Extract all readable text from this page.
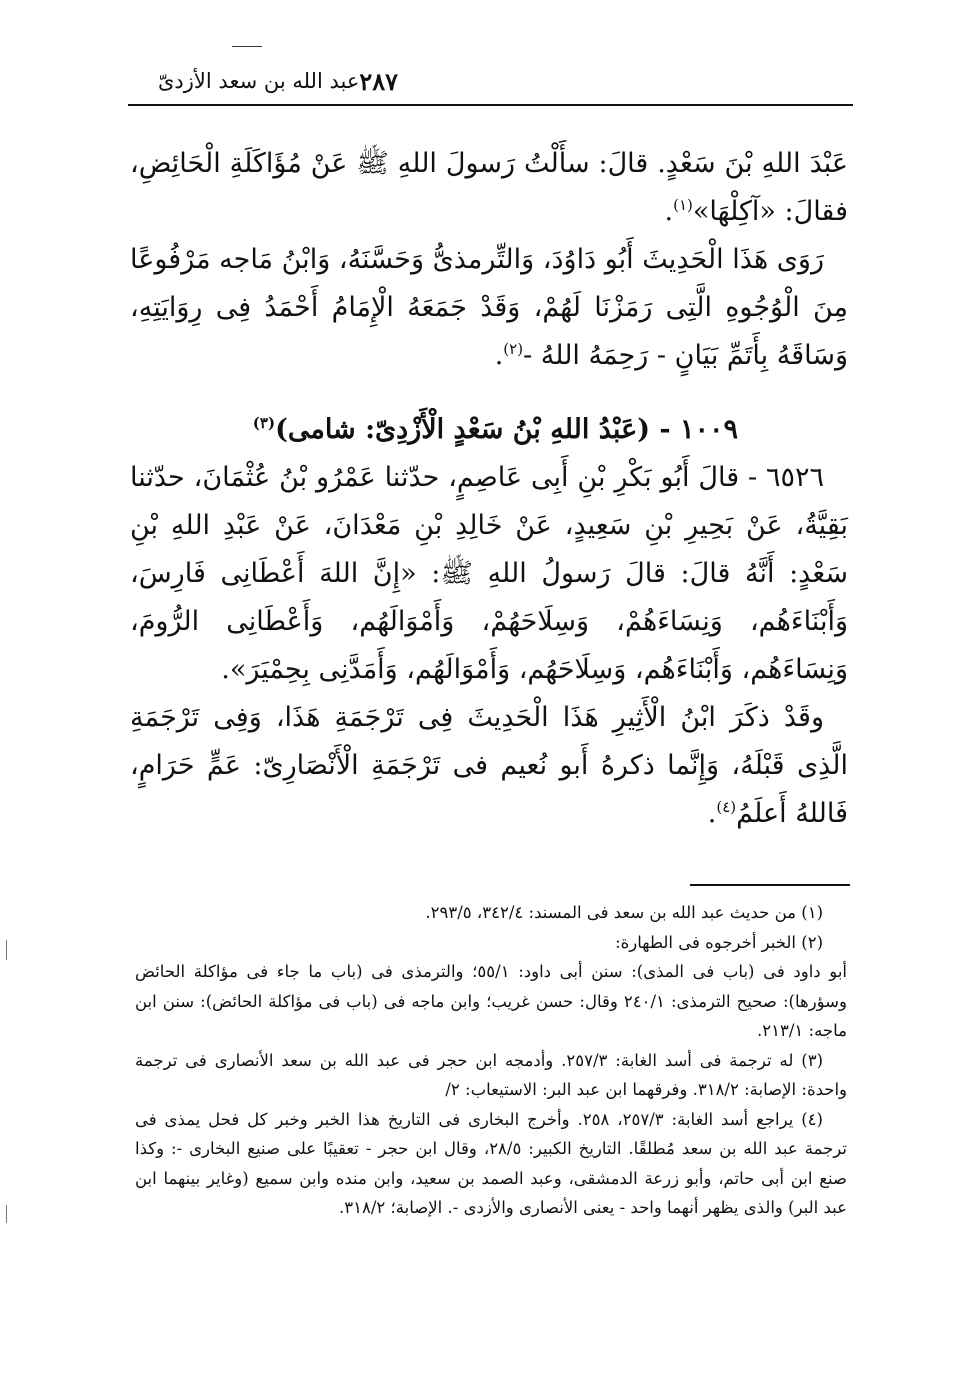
عبد الله بن سعد الأزدىّ ٢٨٧

عَبْدَ اللهِ بْنَ سَعْدٍ. قالَ: سأَلْتُ رَسولَ اللهِ ﷺ عَنْ مُؤَاكَلَةِ الْحَائِضِ، فقالَ: «آكِلْهَا»$^{(١)}$.

رَوَى هَذَا الْحَدِيثَ أَبُو دَاوُدَ، وَالتِّرمذىُّ وَحَسَّنَهُ، وَابْنُ مَاجه مَرْفُوعًا مِنَ الْوُجُوهِ الَّتِى رَمَزْنَا لَهُمْ، وَقَدْ جَمَعَهُ الْإِمَامُ أَحْمَدُ فِى رِوَايَتِهِ، وَسَاقَهُ بِأَتَمِّ بَيَانٍ - رَحِمَهُ اللهُ -$^{(٢)}$.

١٠٠٩ - (عَبْدُ اللهِ بْنُ سَعْدٍ الْأَزْدِىّ: شامى)$^{(٣)}$

٦٥٢٦ - قالَ أَبُو بَكْرِ بْنِ أَبِى عَاصِمٍ، حدّثنا عَمْرُو بْنُ عُثْمَانَ، حدّثنا بَقِيَّةُ، عَنْ بَحِيرِ بْنِ سَعِيدٍ، عَنْ خَالِدِ بْنِ مَعْدَانَ، عَنْ عَبْدِ اللهِ بْنِ سَعْدٍ: أَنَّهُ قالَ: قالَ رَسولُ اللهِ ﷺ: «إِنَّ اللهَ أَعْطَانِى فَارِسَ، وَأَبْنَاءَهُم، وَنِسَاءَهُمْ، وَسِلَاحَهُمْ، وَأَمْوَالَهُم، وَأَعْطَانِى الرُّومَ، وَنِسَاءَهُم، وَأَبْنَاءَهُم، وَسِلَاحَهُم، وَأَمْوَالَهُم، وَأَمَدَّنِى بِحِمْيَرَ».

وقَدْ ذكَرَ ابْنُ الْأَثِيرِ هَذَا الْحَدِيثَ فِى تَرْجَمَةِ هَذَا، وَفِى تَرْجَمَةِ الَّذِى قَبْلَهُ، وَإِنَّما ذكرهُ أَبو نُعيم فى تَرْجَمَةِ الْأَنْصَارِىّ: عَمٍّ حَرَامٍ، فَاللهُ أَعلَمُ$^{(٤)}$.

(١) من حديث عبد الله بن سعد فى المسند: ٣٤٢/٤، ٢٩٣/٥.

(٢) الخبر أخرجوه فى الطهارة:

أبو داود فى (باب فى المذى): سنن أبى داود: ٥٥/١؛ والترمذى فى (باب ما جاء فى مؤاكلة الحائض وسؤرها): صحيح الترمذى: ٢٤٠/١ وقال: حسن غريب؛ وابن ماجه فى (باب فى مؤاكلة الحائض): سنن ابن ماجه: ٢١٣/١.

(٣) له ترجمة فى أسد الغابة: ٢٥٧/٣. وأدمجه ابن حجر فى عبد الله بن سعد الأنصارى فى ترجمة واحدة: الإصابة: ٣١٨/٢. وفرقهما ابن عبد البر: الاستيعاب: ٢/

(٤) يراجع أسد الغابة: ٢٥٧/٣، ٢٥٨. وأخرج البخارى فى التاريخ هذا الخبر وخبر كل فحل يمذى فى ترجمة عبد الله بن سعد مُطلقًا. التاريخ الكبير: ٢٨/٥، وقال ابن حجر - تعقيبًا على صنيع البخارى -: وكذا صنع ابن أبى حاتم، وأبو زرعة الدمشقى، وعبد الصمد بن سعيد، وابن منده وابن سميع (وغاير بينهما ابن عبد البر) والذى يظهر أنهما واحد - يعنى الأنصارى والأزدى -. الإصابة؛ ٣١٨/٢.
